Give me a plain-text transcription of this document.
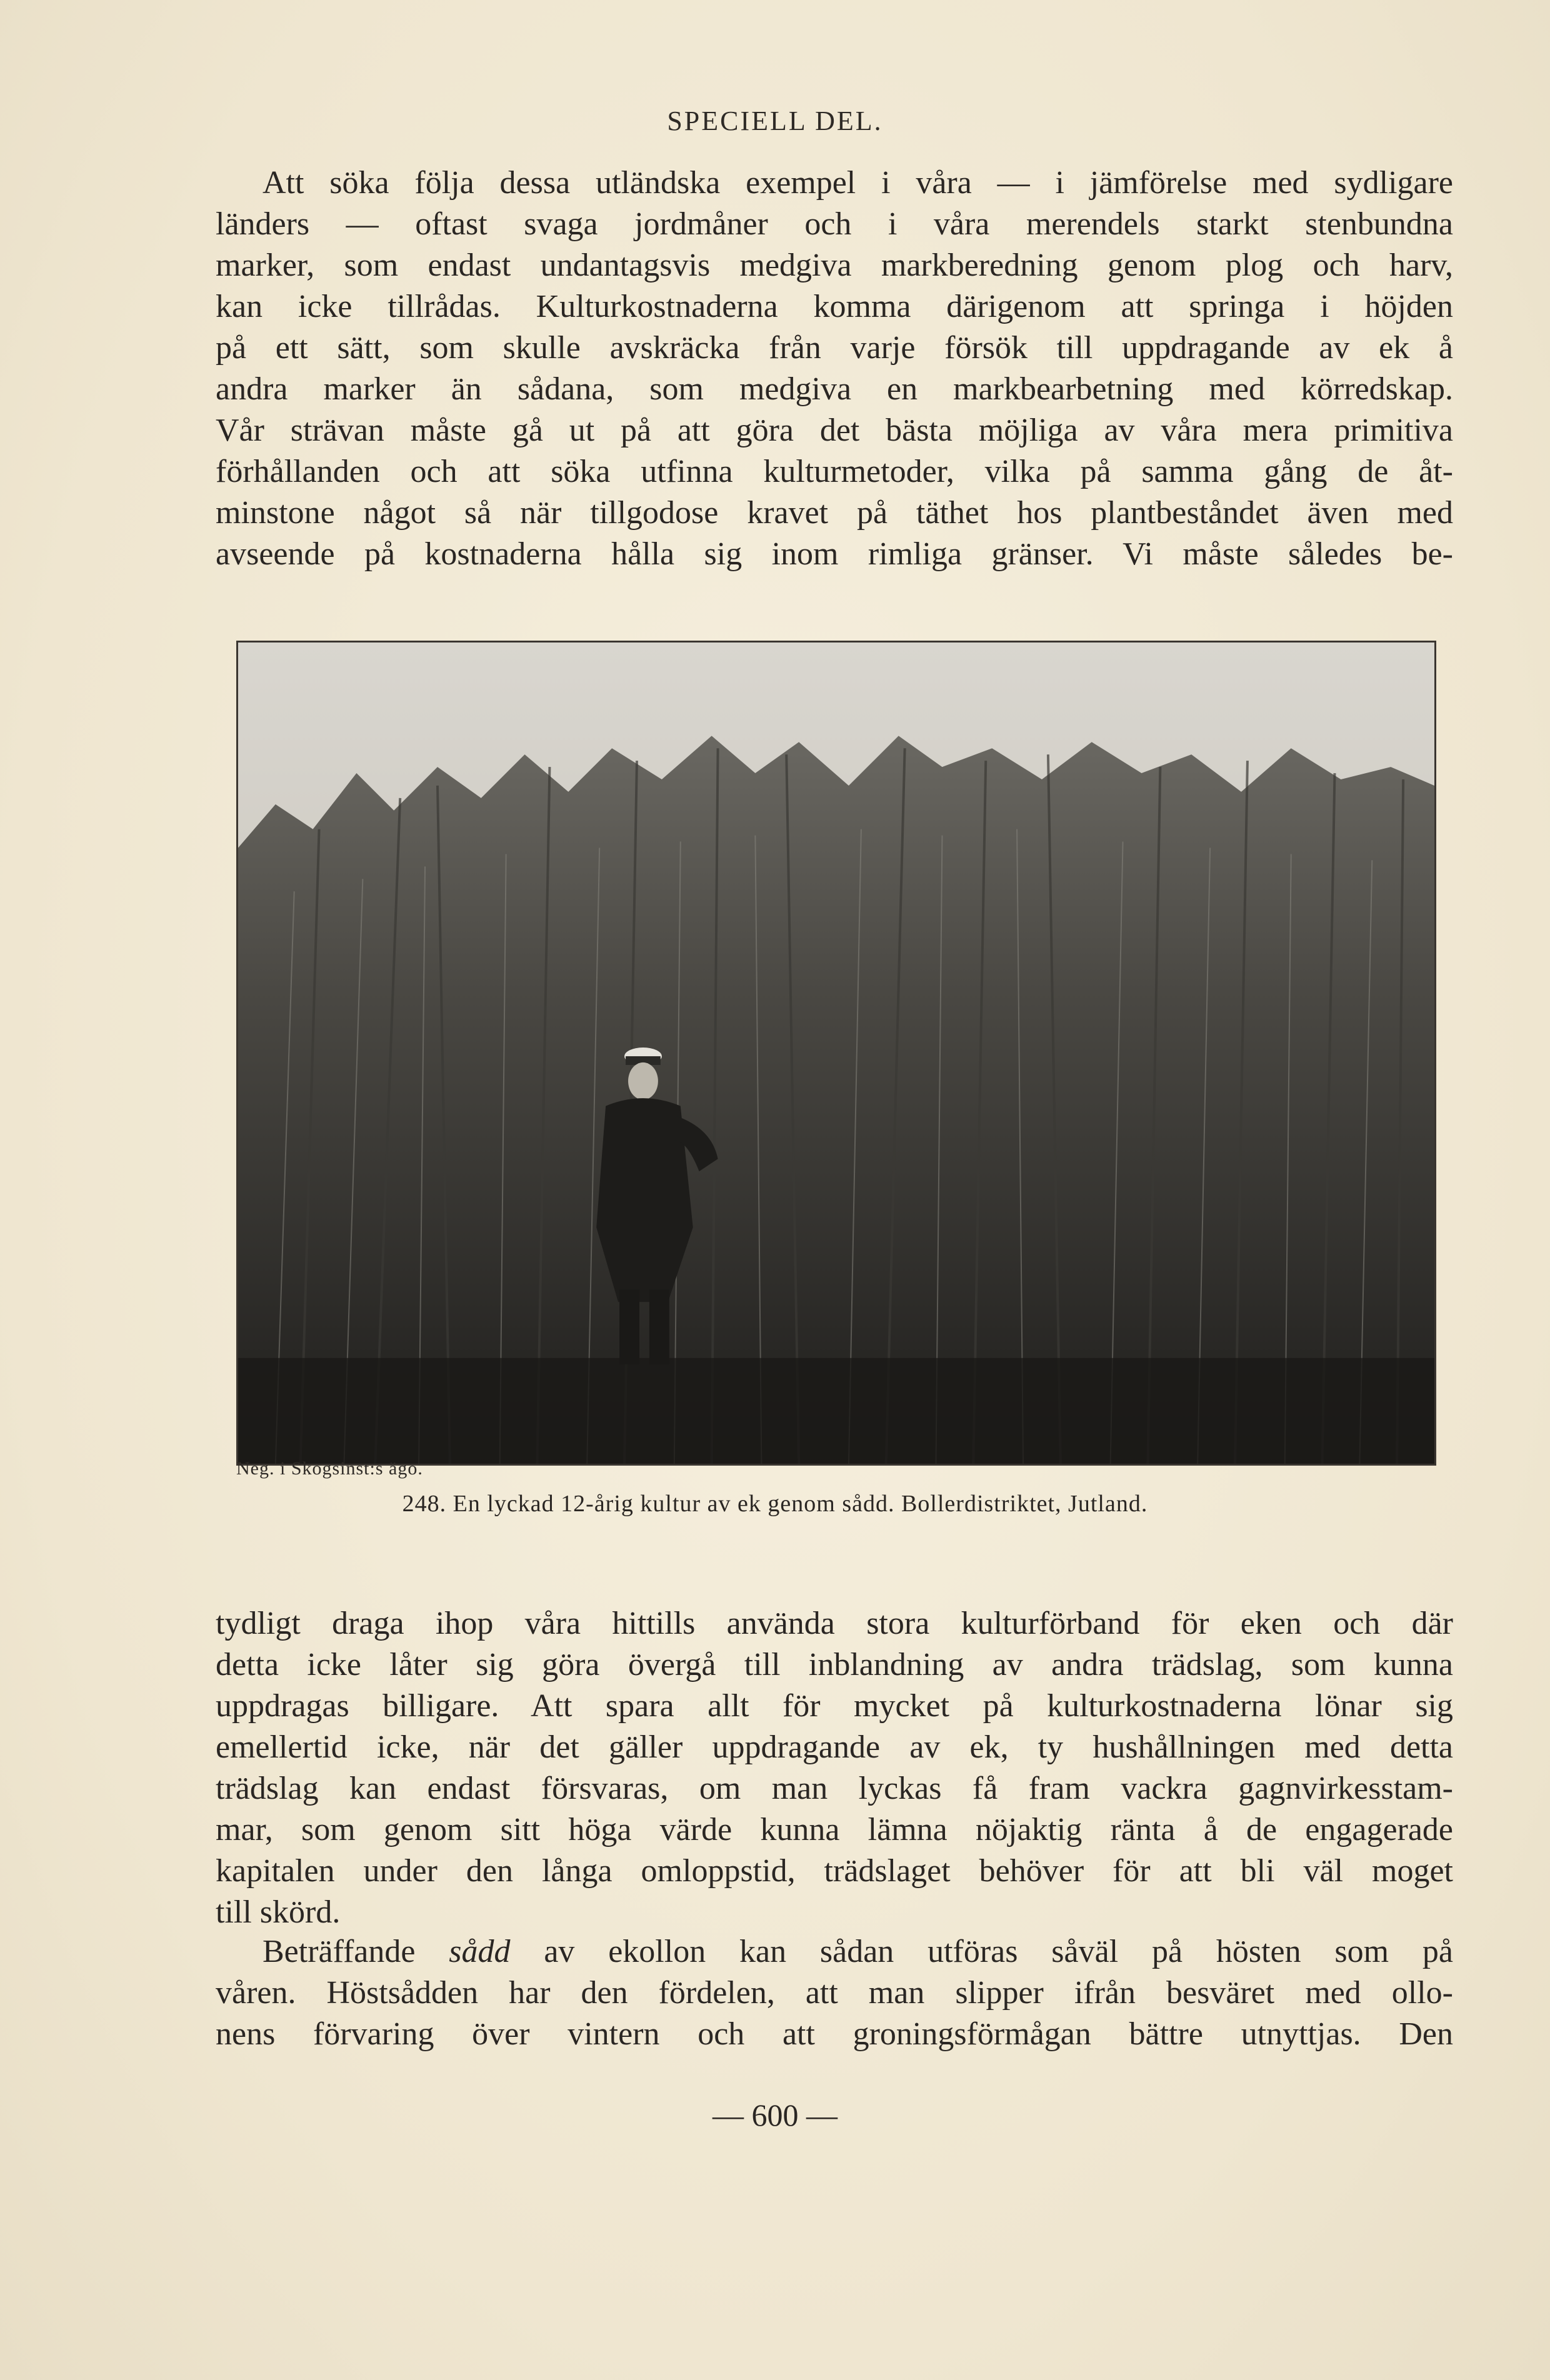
SPECIELL DEL.
Att söka följa dessa utländska exempel i våra — i jämförelse med sydligare
länders — oftast svaga jordmåner och i våra merendels starkt stenbundna
marker, som endast undantagsvis medgiva markberedning genom plog och harv,
kan icke tillrådas. Kulturkostnaderna komma därigenom att springa i höjden
på ett sätt, som skulle avskräcka från varje försök till uppdragande av ek å
andra marker än sådana, som medgiva en markbearbetning med körredskap.
Vår strävan måste gå ut på att göra det bästa möjliga av våra mera primitiva
förhållanden och att söka utfinna kulturmetoder, vilka på samma gång de åt-
minstone något så när tillgodose kravet på täthet hos plantbeståndet även med
avseende på kostnaderna hålla sig inom rimliga gränser. Vi måste således be-
Neg. i Skogsinst:s ägo.
248. En lyckad 12-årig kultur av ek genom sådd. Bollerdistriktet, Jutland.
tydligt draga ihop våra hittills använda stora kulturförband för eken och där
detta icke låter sig göra övergå till inblandning av andra trädslag, som kunna
uppdragas billigare. Att spara allt för mycket på kulturkostnaderna lönar sig
emellertid icke, när det gäller uppdragande av ek, ty hushållningen med detta
trädslag kan endast försvaras, om man lyckas få fram vackra gagnvirkesstam-
mar, som genom sitt höga värde kunna lämna nöjaktig ränta å de engagerade
kapitalen under den långa omloppstid, trädslaget behöver för att bli väl moget
till skörd.
Beträffande sådd av ekollon kan sådan utföras såväl på hösten som på
våren. Höstsådden har den fördelen, att man slipper ifrån besväret med ollo-
nens förvaring över vintern och att groningsförmågan bättre utnyttjas. Den
— 600 —
